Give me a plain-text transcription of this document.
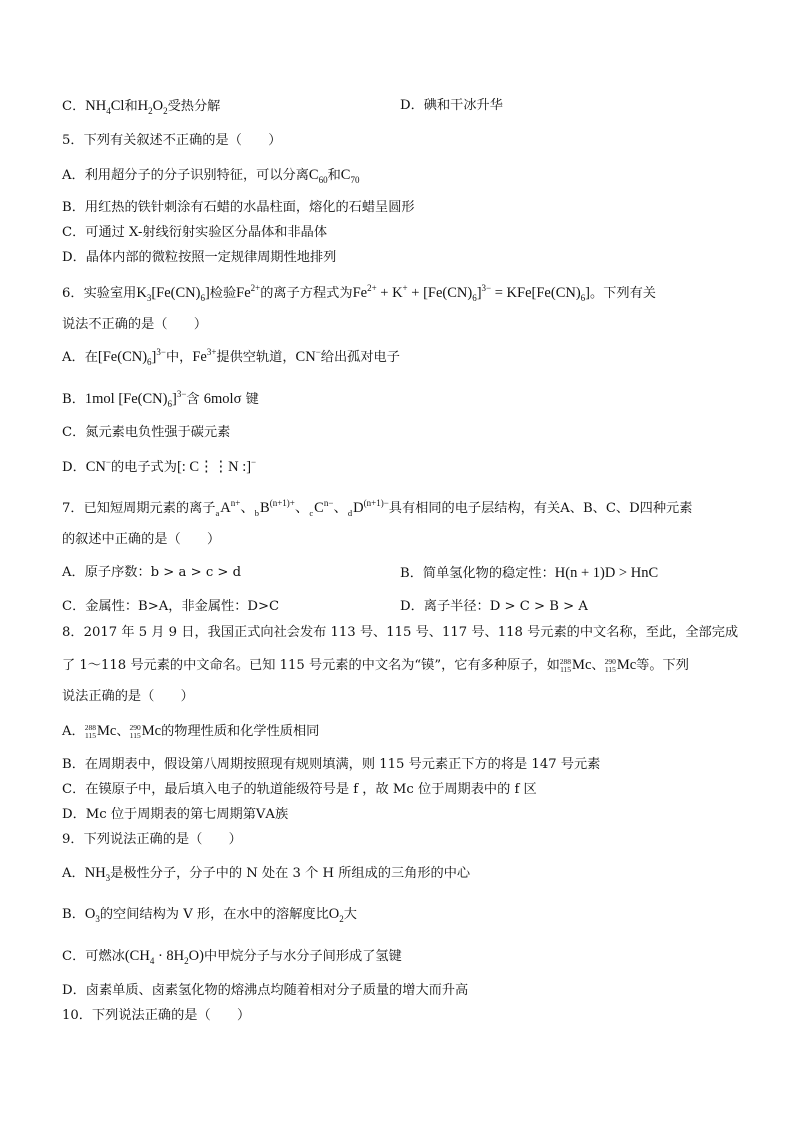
C．$NH_4Cl$和$H_2O_2$受热分解	D．碘和干冰升华
5．下列有关叙述不正确的是（　　）
A．利用超分子的分子识别特征，可以分离$C_{60}$和$C_{70}$
B．用红热的铁针刺涂有石蜡的水晶柱面，熔化的石蜡呈圆形
C．可通过 X-射线衍射实验区分晶体和非晶体
D．晶体内部的微粒按照一定规律周期性地排列
6．实验室用$K_3[Fe(CN)_6]$检验$Fe^{2+}$的离子方程式为$Fe^{2+} + K^+ + [Fe(CN)_6]^{3-} = KFe[Fe(CN)_6]$。下列有关
说法不正确的是（　　）
A．在$[Fe(CN)_6]^{3-}$中，$Fe^{3+}$提供空轨道，CN−给出孤对电子
B．1mol $[Fe(CN)_6]^{3-}$含 6molσ 键
C．氮元素电负性强于碳元素
D．CN−的电子式为[: C⋮⋮N :]−
7．已知短周期元素的离子$_aA^{n+}$、$_bB^{(n+1)+}$、$_cC^{n-}$、$_dD^{(n+1)-}$具有相同的电子层结构，有关A、B、C、D四种元素
的叙述中正确的是（　　）
A．原子序数：b > a > c > d	B．简单氢化物的稳定性：H(n + 1)D > HnC
C．金属性：B>A，非金属性：D>C	D．离子半径：D > C > B > A
8．2017 年 5 月 9 日，我国正式向社会发布 113 号、115 号、117 号、118 号元素的中文名称，至此，全部完成
了 1～118 号元素的中文命名。已知 115 号元素的中文名为“镆”，它有多种原子，如 288
115 Mc、 290
115 Mc等。下列
说法正确的是（　　）
A． 288
115 Mc、 290
115 Mc的物理性质和化学性质相同
B．在周期表中，假设第八周期按照现有规则填满，则 115 号元素正下方的将是 147 号元素
C．在镆原子中，最后填入电子的轨道能级符号是 f ，故 Mc 位于周期表中的 f 区
D．Mc 位于周期表的第七周期第ⅤA族
9．下列说法正确的是（　　）
A．$NH_3$是极性分子，分子中的 N 处在 3 个 H 所组成的三角形的中心
B．$O_3$的空间结构为 V 形，在水中的溶解度比$O_2$大
C．可燃冰$(CH_4 \cdot 8H_2O)$中甲烷分子与水分子间形成了氢键
D．卤素单质、卤素氢化物的熔沸点均随着相对分子质量的增大而升高
10．下列说法正确的是（　　）
